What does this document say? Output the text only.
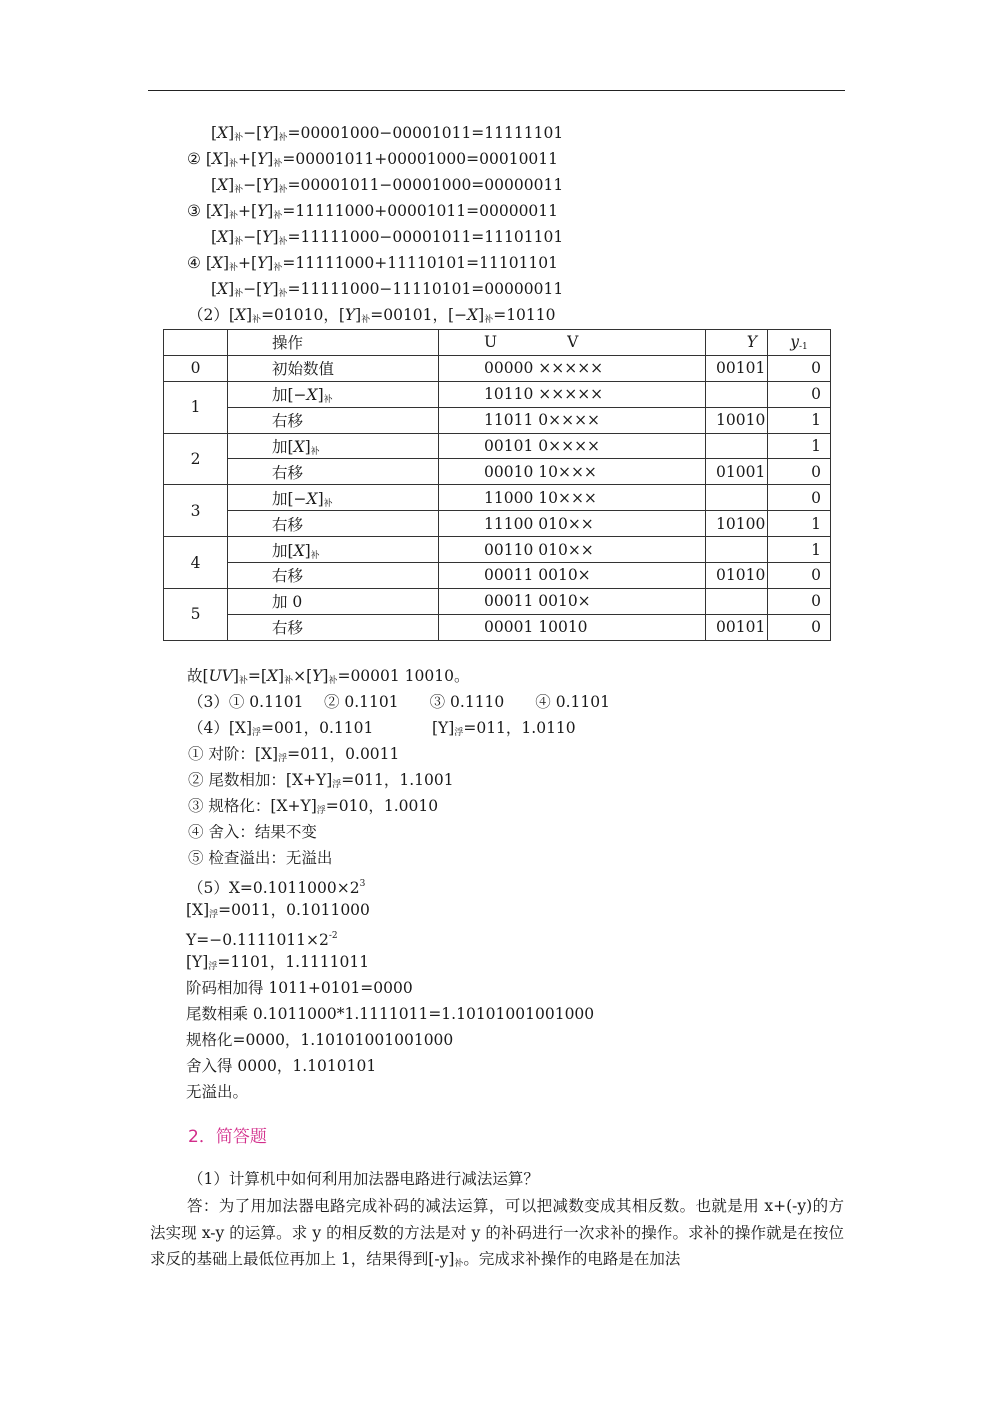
$[X]_补-[Y]_补=00001000-00001011=11111101$
② $[X]_补+[Y]_补=00001011+00001000=00010011$
$[X]_补-[Y]_补=00001011-00001000=00000011$
③ $[X]_补+[Y]_补=11111000+00001011=00000011$
$[X]_补-[Y]_补=11111000-00001011=11101101$
④ $[X]_补+[Y]_补=11111000+11110101=11101101$
$[X]_补-[Y]_补=11111000-11110101=00000011$
$(2)[X]_补=01010$，$[Y]_补=00101$，$[-X]_补=10110$
	操作	U V	Y	$y_{-1}$
0	初始数值	00000 ×××××	00101	0
1	加$[-X]_补$	10110 ×××××		0
	右移	11011 0××××	10010	1
2	加$[X]_补$	00101 0××××		1
	右移	00010 10×××	01001	0
3	加$[-X]_补$	11000 10×××		0
	右移	11100 010××	10100	1
4	加$[X]_补$	00110 010××		1
	右移	00011 0010×	01010	0
5	加 0	00011 0010×		0
	右移	00001 10010	00101	0
故$[UV]_补=[X]_补\times[Y]_补=00001$ 10010。
（3）① 0.1101　 ② 0.1101　　③ 0.1110　　④ 0.1101
$(4)[X]_浮=001$，0.1101	$[Y]_浮=011$，1.0110
① 对阶：$[X]_浮=011$，0.0011
② 尾数相加：$[X+Y]_浮=011$，1.1001
③ 规格化：$[X+Y]_浮=010$，1.0010
④ 舍入：结果不变
⑤ 检查溢出：无溢出
$(5)X=0.1011000\times 2^3$
$[X]_浮=0011$，0.1011000
$Y=-0.1111011\times 2^{-2}$
$[Y]_浮=1101$，1.1111011
阶码相加得 1011+0101=0000
尾数相乘 0.1011000*1.1111011=1.10101001001000
规格化=0000，1.10101001001000
舍入得 0000，1.1010101
无溢出。
2．简答题
（1）计算机中如何利用加法器电路进行减法运算？
答：为了用加法器电路完成补码的减法运算，可以把减数变成其相反数。也就是用 x+(-y)的方法实现 x-y 的运算。求 y 的相反数的方法是对 y 的补码进行一次求补的操作。求补的操作就是在按位求反的基础上最低位再加上 1，结果得到$[-y]_补$。完成求补操作的电路是在加法
